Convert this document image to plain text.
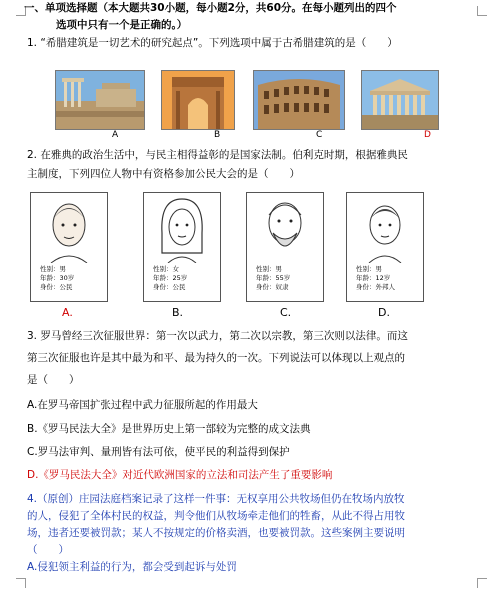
一、单项选择题（本大题共30小题，每小题2分，共60分。在每小题列出的四个

选项中只有一个是正确的。）

1. “希腊建筑是一切艺术的研究起点”。下列选项中属于古希腊建筑的是（　　）

A	B	C	D

2. 在雅典的政治生活中，与民主相得益彰的是国家法制。伯利克时期，根据雅典民

主制度，下列四位人物中有资格参加公民大会的是（　　）

性别：男
年龄：30岁
身份：公民
性别：女
年龄：25岁
身份：公民
性别：男
年龄：55岁
身份：奴隶
性别：男
年龄：12岁
身份：外邦人
A.	B.	C.	D.

3. 罗马曾经三次征服世界：第一次以武力，第二次以宗教，第三次则以法律。而这

第三次征服也许是其中最为和平、最为持久的一次。下列说法可以体现以上观点的

是（　　）

A.在罗马帝国扩张过程中武力征服所起的作用最大

B.《罗马民法大全》是世界历史上第一部较为完整的成文法典

C.罗马法审判、量刑皆有法可依，使平民的利益得到保护

D.《罗马民法大全》对近代欧洲国家的立法和司法产生了重要影响

4.（原创）庄园法庭档案记录了这样一件事：无权享用公共牧场但仍在牧场内放牧

的人，侵犯了全体村民的权益，判令他们从牧场牵走他们的牲畜，从此不得占用牧

场，违者还要被罚款；某人不按规定的价格卖酒，也要被罚款。这些案例主要说明

（　　）

A.侵犯领主利益的行为，都会受到起诉与处罚
